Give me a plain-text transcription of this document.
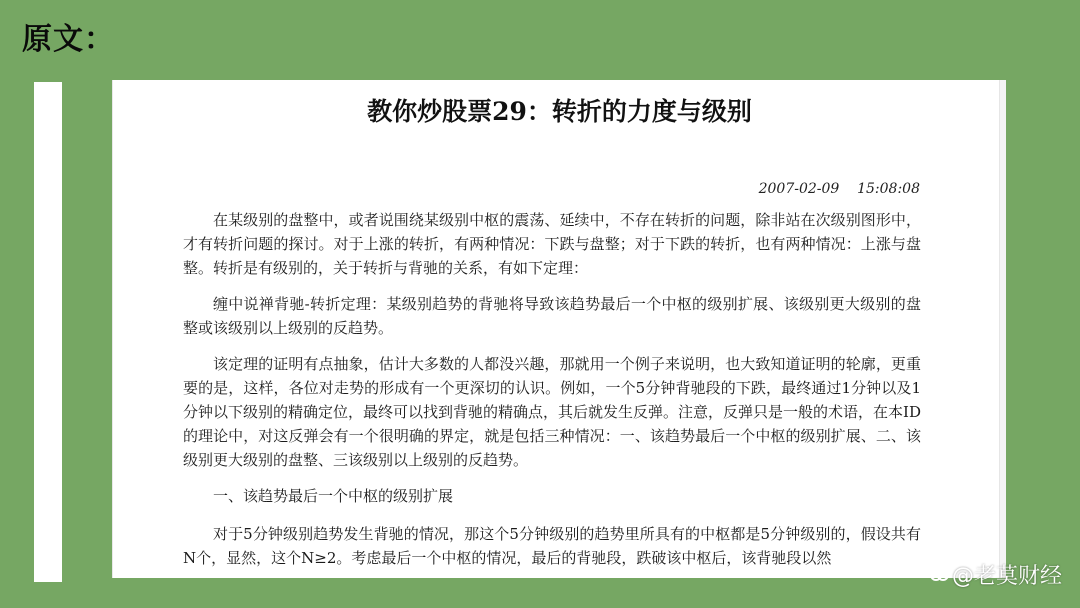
原文：
教你炒股票29：转折的力度与级别
2007-02-09    15:08:08

在某级别的盘整中，或者说围绕某级别中枢的震荡、延续中，不存在转折的问题，除非站在次级别图形中，才有转折问题的探讨。对于上涨的转折，有两种情况：下跌与盘整；对于下跌的转折，也有两种情况：上涨与盘整。转折是有级别的，关于转折与背驰的关系，有如下定理：

缠中说禅背驰-转折定理：某级别趋势的背驰将导致该趋势最后一个中枢的级别扩展、该级别更大级别的盘整或该级别以上级别的反趋势。

该定理的证明有点抽象，估计大多数的人都没兴趣，那就用一个例子来说明，也大致知道证明的轮廓，更重要的是，这样，各位对走势的形成有一个更深切的认识。例如，一个5分钟背驰段的下跌，最终通过1分钟以及1分钟以下级别的精确定位，最终可以找到背驰的精确点，其后就发生反弹。注意，反弹只是一般的术语，在本ID的理论中，对这反弹会有一个很明确的界定，就是包括三种情况：一、该趋势最后一个中枢的级别扩展、二、该级别更大级别的盘整、三该级别以上级别的反趋势。

一、该趋势最后一个中枢的级别扩展

对于5分钟级别趋势发生背驰的情况，那这个5分钟级别的趋势里所具有的中枢都是5分钟级别的，假设共有N个，显然，这个N≥2。考虑最后一个中枢的情况，最后的背驰段，跌破该中枢后，该背驰段以然

@老莫财经
